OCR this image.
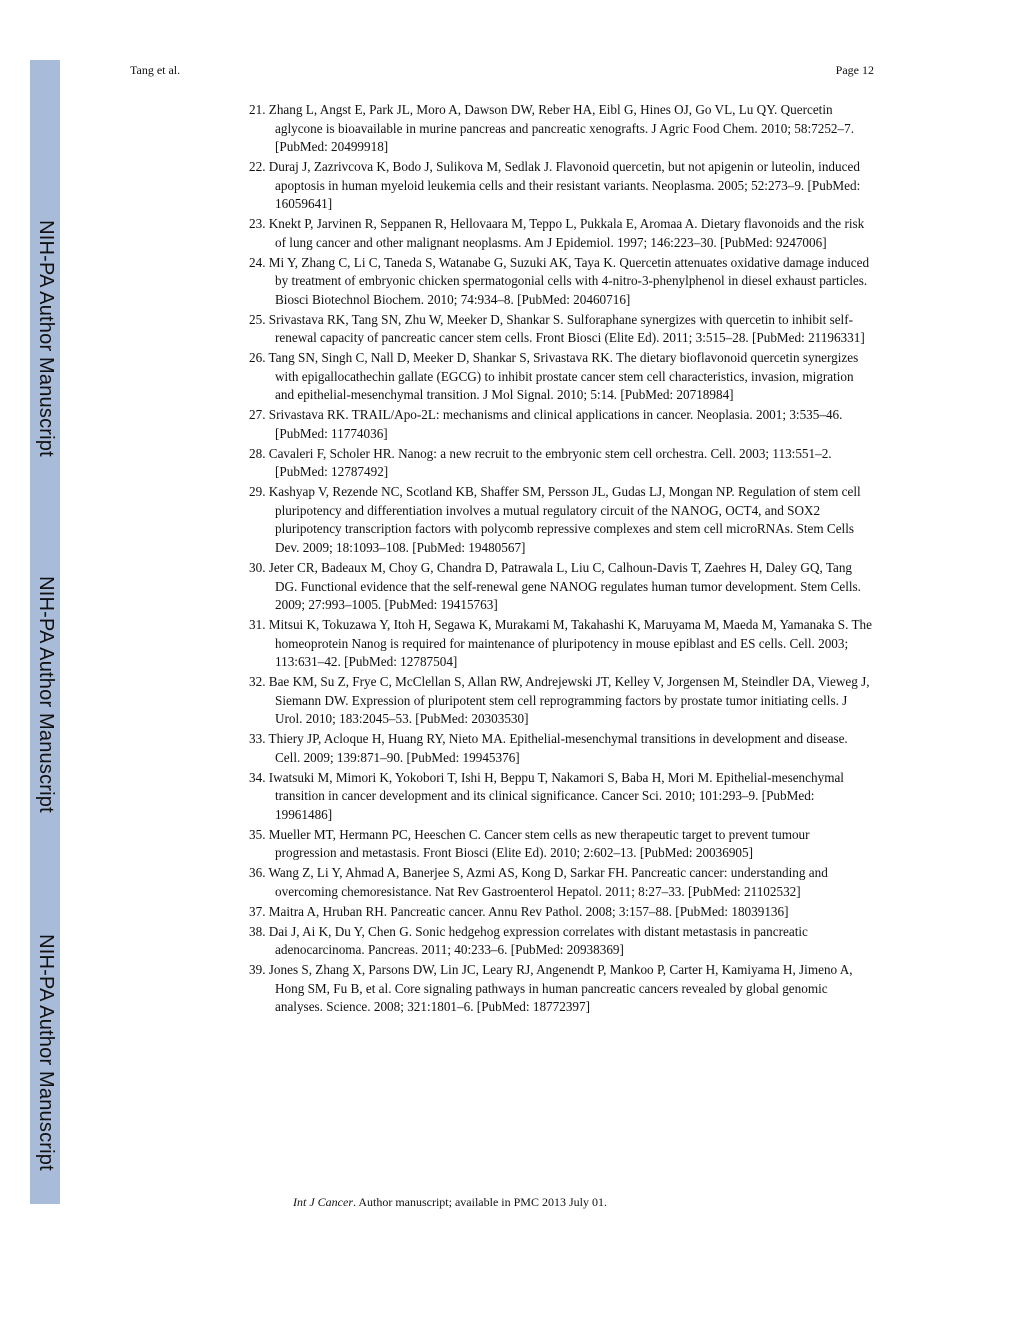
NIH-PA Author Manuscript
NIH-PA Author Manuscript
NIH-PA Author Manuscript
Tang et al.	Page 12
21. Zhang L, Angst E, Park JL, Moro A, Dawson DW, Reber HA, Eibl G, Hines OJ, Go VL, Lu QY. Quercetin aglycone is bioavailable in murine pancreas and pancreatic xenografts. J Agric Food Chem. 2010; 58:7252–7. [PubMed: 20499918]
22. Duraj J, Zazrivcova K, Bodo J, Sulikova M, Sedlak J. Flavonoid quercetin, but not apigenin or luteolin, induced apoptosis in human myeloid leukemia cells and their resistant variants. Neoplasma. 2005; 52:273–9. [PubMed: 16059641]
23. Knekt P, Jarvinen R, Seppanen R, Hellovaara M, Teppo L, Pukkala E, Aromaa A. Dietary flavonoids and the risk of lung cancer and other malignant neoplasms. Am J Epidemiol. 1997; 146:223–30. [PubMed: 9247006]
24. Mi Y, Zhang C, Li C, Taneda S, Watanabe G, Suzuki AK, Taya K. Quercetin attenuates oxidative damage induced by treatment of embryonic chicken spermatogonial cells with 4-nitro-3-phenylphenol in diesel exhaust particles. Biosci Biotechnol Biochem. 2010; 74:934–8. [PubMed: 20460716]
25. Srivastava RK, Tang SN, Zhu W, Meeker D, Shankar S. Sulforaphane synergizes with quercetin to inhibit self-renewal capacity of pancreatic cancer stem cells. Front Biosci (Elite Ed). 2011; 3:515–28. [PubMed: 21196331]
26. Tang SN, Singh C, Nall D, Meeker D, Shankar S, Srivastava RK. The dietary bioflavonoid quercetin synergizes with epigallocathechin gallate (EGCG) to inhibit prostate cancer stem cell characteristics, invasion, migration and epithelial-mesenchymal transition. J Mol Signal. 2010; 5:14. [PubMed: 20718984]
27. Srivastava RK. TRAIL/Apo-2L: mechanisms and clinical applications in cancer. Neoplasia. 2001; 3:535–46. [PubMed: 11774036]
28. Cavaleri F, Scholer HR. Nanog: a new recruit to the embryonic stem cell orchestra. Cell. 2003; 113:551–2. [PubMed: 12787492]
29. Kashyap V, Rezende NC, Scotland KB, Shaffer SM, Persson JL, Gudas LJ, Mongan NP. Regulation of stem cell pluripotency and differentiation involves a mutual regulatory circuit of the NANOG, OCT4, and SOX2 pluripotency transcription factors with polycomb repressive complexes and stem cell microRNAs. Stem Cells Dev. 2009; 18:1093–108. [PubMed: 19480567]
30. Jeter CR, Badeaux M, Choy G, Chandra D, Patrawala L, Liu C, Calhoun-Davis T, Zaehres H, Daley GQ, Tang DG. Functional evidence that the self-renewal gene NANOG regulates human tumor development. Stem Cells. 2009; 27:993–1005. [PubMed: 19415763]
31. Mitsui K, Tokuzawa Y, Itoh H, Segawa K, Murakami M, Takahashi K, Maruyama M, Maeda M, Yamanaka S. The homeoprotein Nanog is required for maintenance of pluripotency in mouse epiblast and ES cells. Cell. 2003; 113:631–42. [PubMed: 12787504]
32. Bae KM, Su Z, Frye C, McClellan S, Allan RW, Andrejewski JT, Kelley V, Jorgensen M, Steindler DA, Vieweg J, Siemann DW. Expression of pluripotent stem cell reprogramming factors by prostate tumor initiating cells. J Urol. 2010; 183:2045–53. [PubMed: 20303530]
33. Thiery JP, Acloque H, Huang RY, Nieto MA. Epithelial-mesenchymal transitions in development and disease. Cell. 2009; 139:871–90. [PubMed: 19945376]
34. Iwatsuki M, Mimori K, Yokobori T, Ishi H, Beppu T, Nakamori S, Baba H, Mori M. Epithelial-mesenchymal transition in cancer development and its clinical significance. Cancer Sci. 2010; 101:293–9. [PubMed: 19961486]
35. Mueller MT, Hermann PC, Heeschen C. Cancer stem cells as new therapeutic target to prevent tumour progression and metastasis. Front Biosci (Elite Ed). 2010; 2:602–13. [PubMed: 20036905]
36. Wang Z, Li Y, Ahmad A, Banerjee S, Azmi AS, Kong D, Sarkar FH. Pancreatic cancer: understanding and overcoming chemoresistance. Nat Rev Gastroenterol Hepatol. 2011; 8:27–33. [PubMed: 21102532]
37. Maitra A, Hruban RH. Pancreatic cancer. Annu Rev Pathol. 2008; 3:157–88. [PubMed: 18039136]
38. Dai J, Ai K, Du Y, Chen G. Sonic hedgehog expression correlates with distant metastasis in pancreatic adenocarcinoma. Pancreas. 2011; 40:233–6. [PubMed: 20938369]
39. Jones S, Zhang X, Parsons DW, Lin JC, Leary RJ, Angenendt P, Mankoo P, Carter H, Kamiyama H, Jimeno A, Hong SM, Fu B, et al. Core signaling pathways in human pancreatic cancers revealed by global genomic analyses. Science. 2008; 321:1801–6. [PubMed: 18772397]
Int J Cancer. Author manuscript; available in PMC 2013 July 01.
